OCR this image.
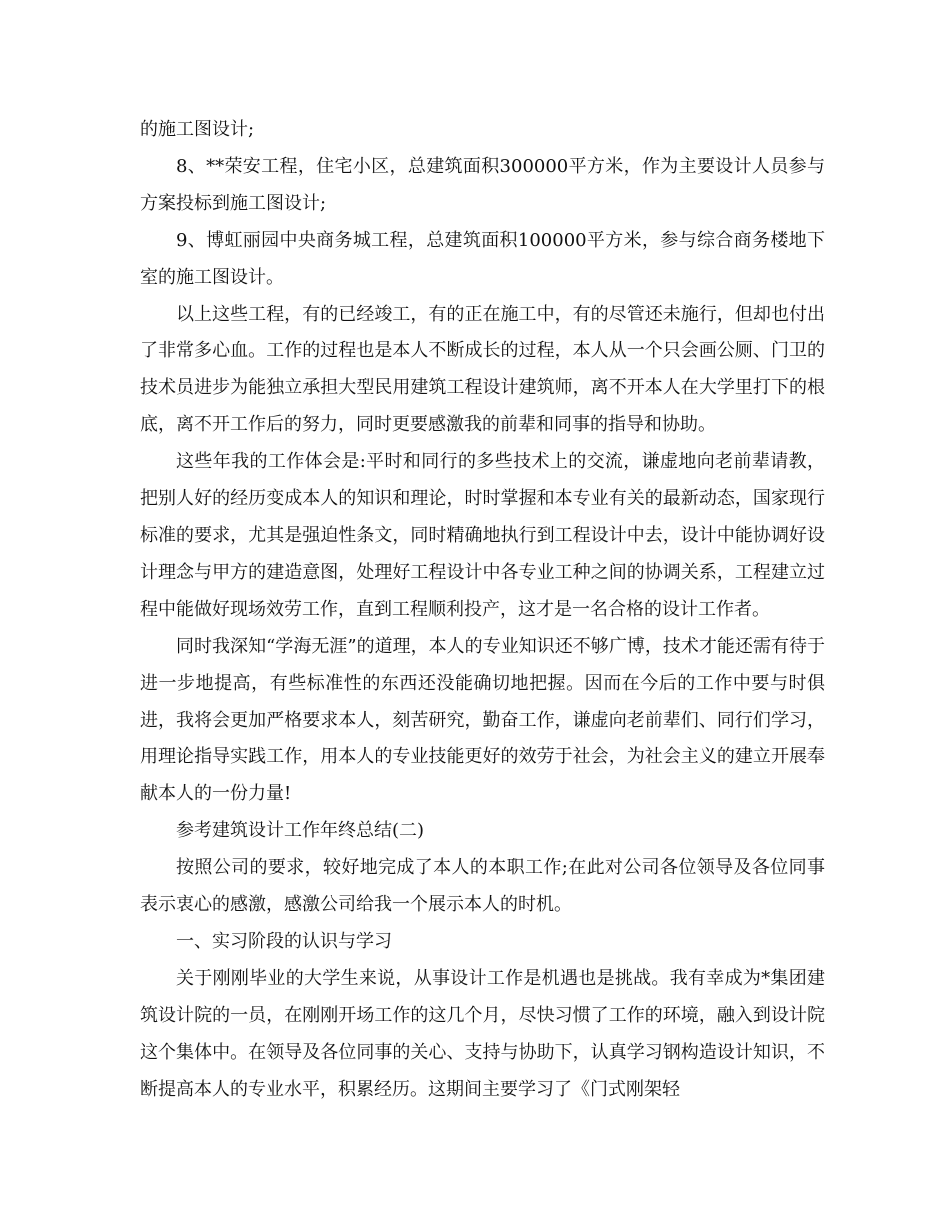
的施工图设计;

8、**荣安工程，住宅小区，总建筑面积300000平方米，作为主要设计人员参与方案投标到施工图设计;

9、博虹丽园中央商务城工程，总建筑面积100000平方米，参与综合商务楼地下室的施工图设计。

以上这些工程，有的已经竣工，有的正在施工中，有的尽管还未施行，但却也付出了非常多心血。工作的过程也是本人不断成长的过程，本人从一个只会画公厕、门卫的技术员进步为能独立承担大型民用建筑工程设计建筑师，离不开本人在大学里打下的根底，离不开工作后的努力，同时更要感激我的前辈和同事的指导和协助。

这些年我的工作体会是:平时和同行的多些技术上的交流，谦虚地向老前辈请教，把别人好的经历变成本人的知识和理论，时时掌握和本专业有关的最新动态，国家现行标准的要求，尤其是强迫性条文，同时精确地执行到工程设计中去，设计中能协调好设计理念与甲方的建造意图，处理好工程设计中各专业工种之间的协调关系，工程建立过程中能做好现场效劳工作，直到工程顺利投产，这才是一名合格的设计工作者。

同时我深知“学海无涯”的道理，本人的专业知识还不够广博，技术才能还需有待于进一步地提高，有些标准性的东西还没能确切地把握。因而在今后的工作中要与时俱进，我将会更加严格要求本人，刻苦研究，勤奋工作，谦虚向老前辈们、同行们学习，用理论指导实践工作，用本人的专业技能更好的效劳于社会，为社会主义的建立开展奉献本人的一份力量!

参考建筑设计工作年终总结(二)

按照公司的要求，较好地完成了本人的本职工作;在此对公司各位领导及各位同事表示衷心的感激，感激公司给我一个展示本人的时机。

一、实习阶段的认识与学习

关于刚刚毕业的大学生来说，从事设计工作是机遇也是挑战。我有幸成为*集团建筑设计院的一员，在刚刚开场工作的这几个月，尽快习惯了工作的环境，融入到设计院这个集体中。在领导及各位同事的关心、支持与协助下，认真学习钢构造设计知识，不断提高本人的专业水平，积累经历。这期间主要学习了《门式刚架轻
